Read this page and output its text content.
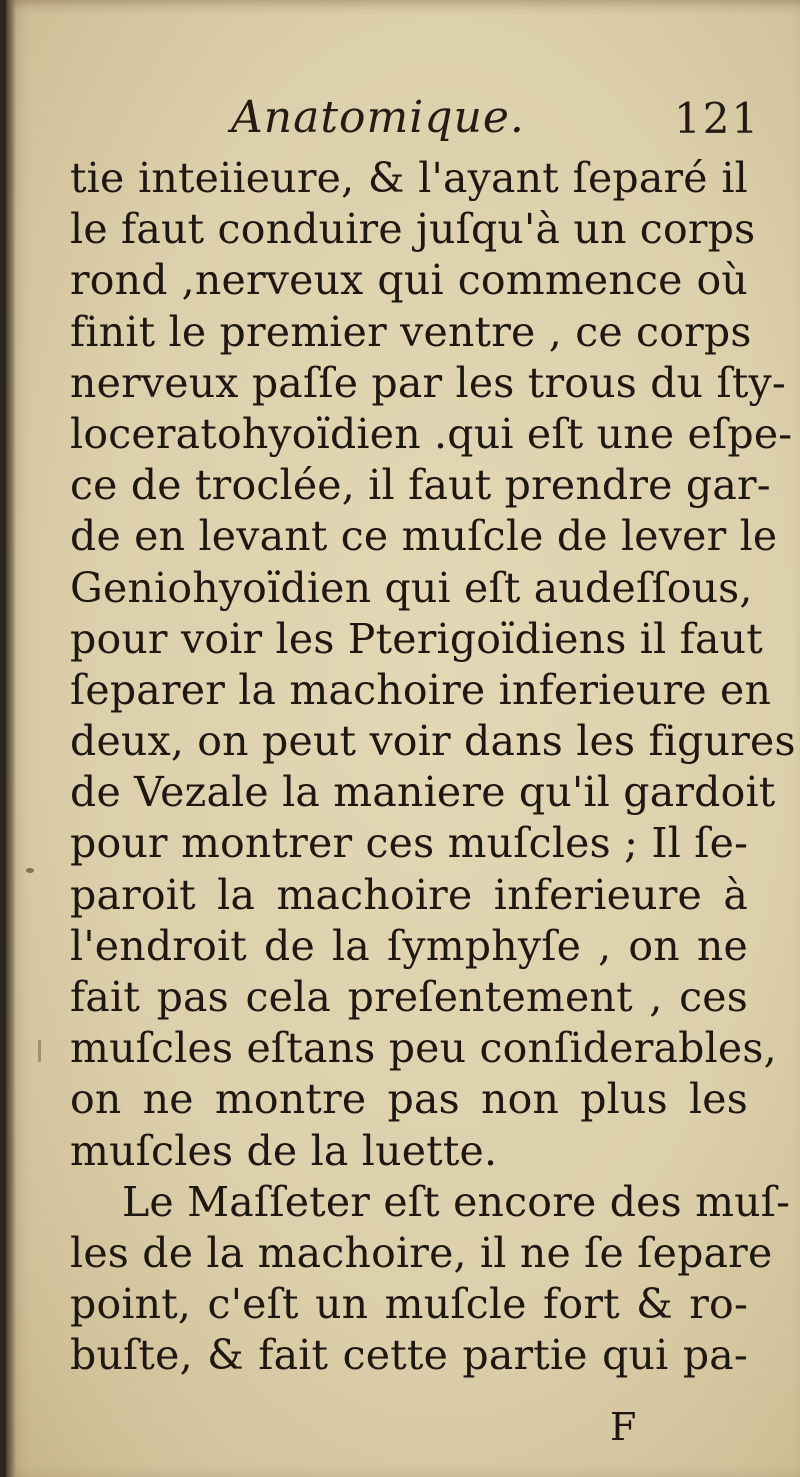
Anatomique.	121
tie inteiieure, & l'ayant ſeparé il
le faut conduire juſqu'à un corps
rond ,nerveux qui commence où
finit le premier ventre , ce corps
nerveux paſſe par les trous du ſty-
loceratohyoïdien .qui eſt une eſpe-
ce de troclée, il faut prendre gar-
de en levant ce muſcle de lever le
Geniohyoïdien qui eſt audeſſous,
pour voir les Pterigoïdiens il faut
ſeparer la machoire inferieure en
deux, on peut voir dans les figures
de Vezale la maniere qu'il gardoit
pour montrer ces muſcles ; Il ſe-
paroit la machoire inferieure à
l'endroit de la ſymphyſe , on ne
fait pas cela preſentement , ces
muſcles eſtans peu conſiderables,
on ne montre pas non plus les
muſcles de la luette.
Le Maſſeter eſt encore des muſ-
les de la machoire, il ne ſe ſepare
point, c'eſt un muſcle fort & ro-
buſte, & fait cette partie qui pa-
F
